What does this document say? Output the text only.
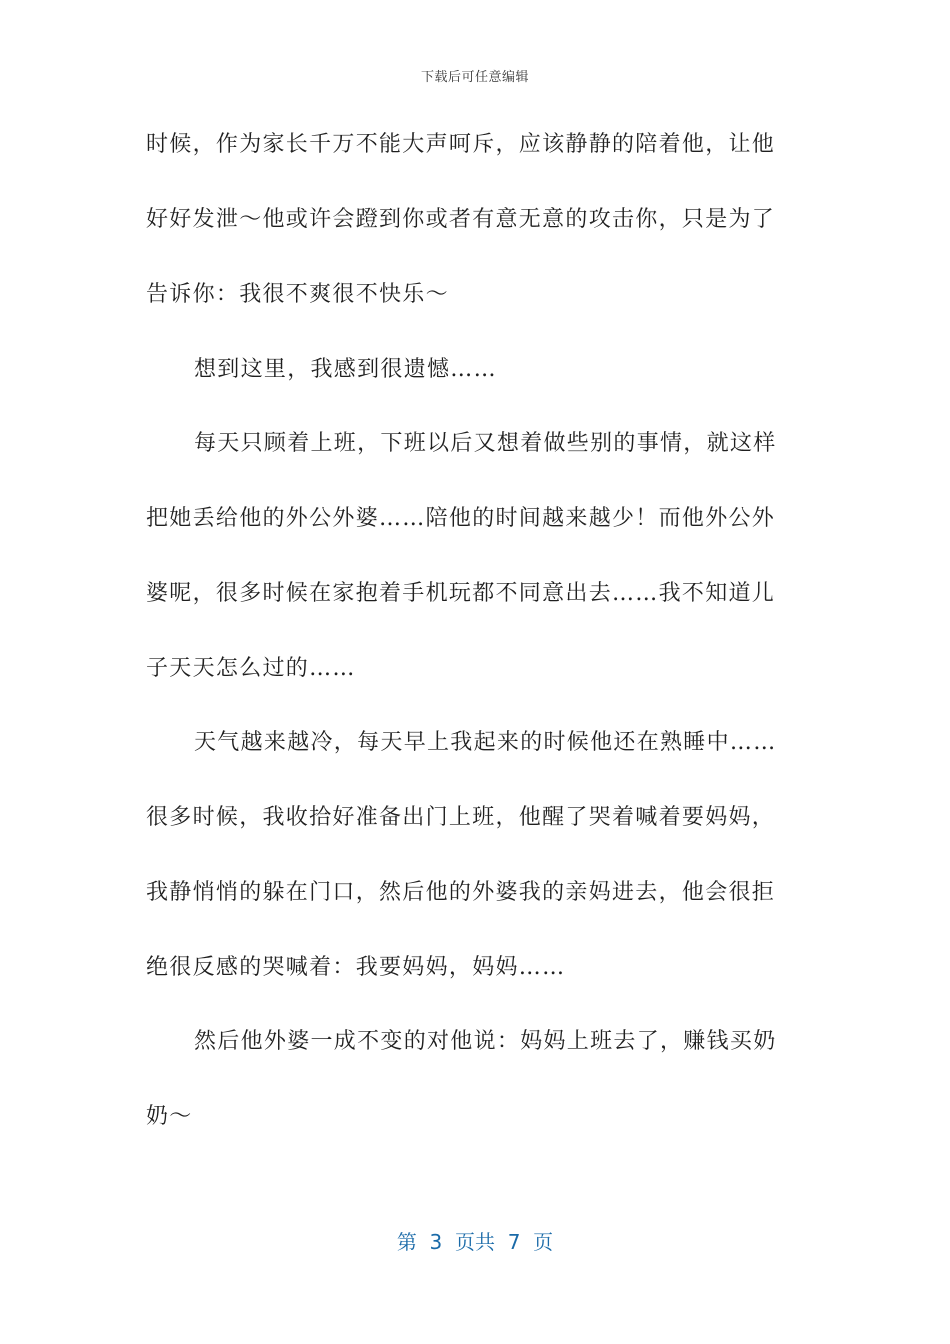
下载后可任意编辑
时候，作为家长千万不能大声呵斥，应该静静的陪着他，让他
好好发泄～他或许会蹬到你或者有意无意的攻击你，只是为了
告诉你：我很不爽很不快乐～
想到这里，我感到很遗憾……
每天只顾着上班，下班以后又想着做些别的事情，就这样
把她丢给他的外公外婆……陪他的时间越来越少！而他外公外
婆呢，很多时候在家抱着手机玩都不同意出去……我不知道儿
子天天怎么过的……
天气越来越冷，每天早上我起来的时候他还在熟睡中……
很多时候，我收拾好准备出门上班，他醒了哭着喊着要妈妈，
我静悄悄的躲在门口，然后他的外婆我的亲妈进去，他会很拒
绝很反感的哭喊着：我要妈妈，妈妈……
然后他外婆一成不变的对他说：妈妈上班去了，赚钱买奶
奶～
第  3  页共  7  页
